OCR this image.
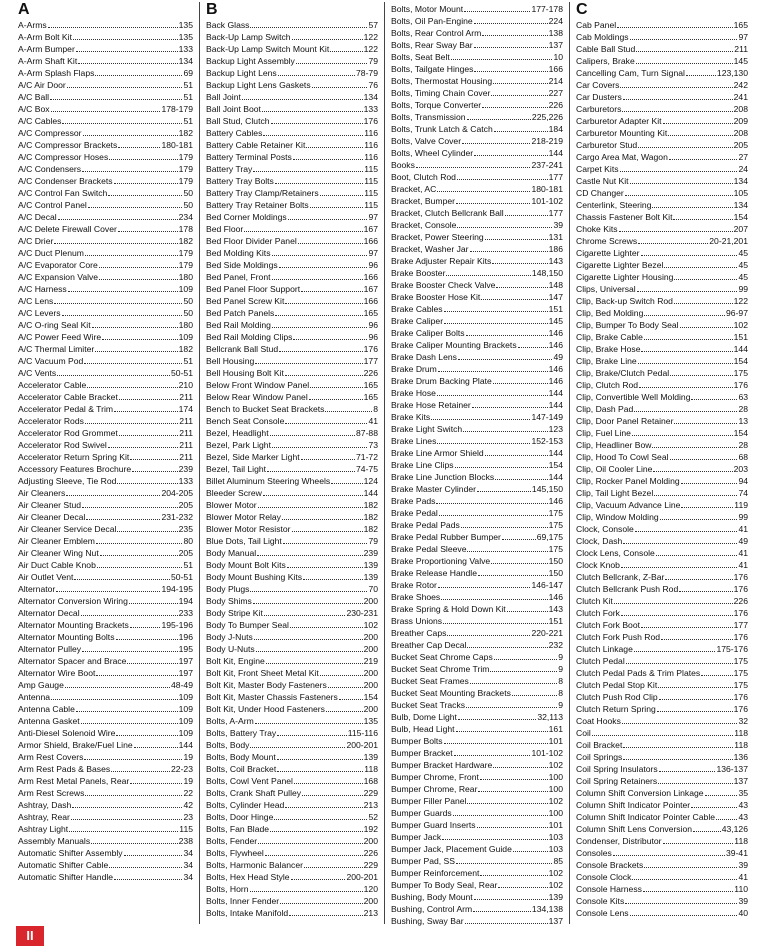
A
A-Arms	135
A-Arm Bolt Kit	135
A-Arm Bumper	133
A-Arm Shaft Kit	134
A-Arm Splash Flaps	69
A/C Air Door	51
A/C Ball	51
A/C Box	178-179
A/C Cables	51
A/C Compressor	182
A/C Compressor Brackets	180-181
A/C Compressor Hoses	179
A/C Condensers	179
A/C Condenser Brackets	179
A/C Control Fan Switch	50
A/C Control Panel	50
A/C Decal	234
A/C Delete Firewall Cover	178
A/C Drier	182
A/C Duct Plenum	179
A/C Evaporator Core	179
A/C Expansion Valve	180
A/C Harness	109
A/C Lens	50
A/C Levers	50
A/C O-ring Seal Kit	180
A/C Power Feed Wire	109
A/C Thermal Limiter	182
A/C Vacuum Pod	51
A/C Vents	50-51
Accelerator Cable	210
Accelerator Cable Bracket	211
Accelerator Pedal & Trim	174
Accelerator Rods	211
Accelerator Rod Grommet	211
Accelerator Rod Swivel	211
Accelerator Return Spring Kit	211
Accessory Features Brochure	239
Adjusting Sleeve, Tie Rod	133
Air Cleaners	204-205
Air Cleaner Stud	205
Air Cleaner Decal	231-232
Air Cleaner Service Decal	235
Air Cleaner Emblem	80
Air Cleaner Wing Nut	205
Air Duct Cable Knob	51
Air Outlet Vent	50-51
Alternator	194-195
Alternator Conversion Wiring	194
Alternator Decal	233
Alternator Mounting Brackets	195-196
Alternator Mounting Bolts	196
Alternator Pulley	195
Alternator Spacer and Brace	197
Alternator Wire Boot	197
Amp Gauge	48-49
Antenna	109
Antenna Cable	109
Antenna Gasket	109
Anti-Diesel Solenoid Wire	109
Armor Shield, Brake/Fuel Line	144
Arm Rest Covers	19
Arm Rest Pads & Bases	22-23
Arm Rest Metal Panels, Rear	19
Arm Rest Screws	22
Ashtray, Dash	42
Ashtray, Rear	23
Ashtray Light	115
Assembly Manuals	238
Automatic Shifter Assembly	34
Automatic Shifter Cable	34
Automatic Shifter Handle	34
B
Back Glass	57
Back-Up Lamp Switch	122
Back-Up Lamp Switch Mount Kit	122
Backup Light Assembly	79
Backup Light Lens	78-79
Backup Light Lens Gaskets	76
Ball Joint	134
Ball Joint Boot	133
Ball Stud, Clutch	176
Battery Cables	116
Battery Cable Retainer Kit	116
Battery Terminal Posts	116
Battery Tray	115
Battery Tray Bolts	115
Battery Tray Clamp/Retainers	115
Battery Tray Retainer Bolts	115
Bed Corner Moldings	97
Bed Floor	167
Bed Floor Divider Panel	166
Bed Molding Kits	97
Bed Side Moldings	96
Bed Panel, Front	166
Bed Panel Floor Support	167
Bed Panel Screw Kit	166
Bed Patch Panels	165
Bed Rail Molding	96
Bed Rail Molding Clips	96
Bellcrank Ball Stud	176
Bell Housing	177
Bell Housing Bolt Kit	226
Below Front Window Panel	165
Below Rear Window Panel	165
Bench to Bucket Seat Brackets	8
Bench Seat Console	41
Bezel, Headlight	87-88
Bezel, Park Light	73
Bezel, Side Marker Light	71-72
Bezel, Tail Light	74-75
Billet Aluminum Steering Wheels	124
Bleeder Screw	144
Blower Motor	182
Blower Motor Relay	182
Blower Motor Resistor	182
Blue Dots, Tail Light	79
Body Manual	239
Body Mount Bolt Kits	139
Body Mount Bushing Kits	139
Body Plugs	70
Body Shims	200
Body Stripe Kit	230-231
Body To Bumper Seal	102
Body J-Nuts	200
Body U-Nuts	200
Bolt Kit, Engine	219
Bolt Kit, Front Sheet Metal Kit	200
Bolt Kit, Master Body Fasteners	200
Bolt Kit, Master Chassis Fasteners	154
Bolt Kit, Under Hood Fasteners	200
Bolts, A-Arm	135
Bolts, Battery Tray	115-116
Bolts, Body	200-201
Bolts, Body Mount	139
Bolts, Coil Bracket	118
Bolts, Cowl Vent Panel	168
Bolts, Crank Shaft Pulley	229
Bolts, Cylinder Head	213
Bolts, Door Hinge	52
Bolts, Fan Blade	192
Bolts, Fender	200
Bolts, Flywheel	226
Bolts, Harmonic Balancer	229
Bolts, Hex Head Style	200-201
Bolts, Horn	120
Bolts, Inner Fender	200
Bolts, Intake Manifold	213
Bolts, Motor Mount	177-178
Bolts, Oil Pan-Engine	224
Bolts, Rear Control Arm	138
Bolts, Rear Sway Bar	137
Bolts, Seat Belt	10
Bolts, Tailgate Hinges	166
Bolts, Thermostat Housing	214
Bolts, Timing Chain Cover	227
Bolts, Torque Converter	226
Bolts, Transmission	225,226
Bolts, Trunk Latch & Catch	184
Bolts, Valve Cover	218-219
Bolts, Wheel Cylinder	144
Books	237-241
Boot, Clutch Rod	177
Bracket, AC	180-181
Bracket, Bumper	101-102
Bracket, Clutch Bellcrank Ball	177
Bracket, Console	39
Bracket, Power Steering	131
Bracket, Washer Jar	186
Brake Adjuster Repair Kits	143
Brake Booster	148,150
Brake Booster Check Valve	148
Brake Booster Hose Kit	147
Brake Cables	151
Brake Caliper	145
Brake Caliper Bolts	146
Brake Caliper Mounting Brackets	146
Brake Dash Lens	49
Brake Drum	146
Brake Drum Backing Plate	146
Brake Hose	144
Brake Hose Retainer	144
Brake Kits	147-149
Brake Light Switch	123
Brake Lines	152-153
Brake Line Armor Shield	144
Brake Line Clips	154
Brake Line Junction Blocks	144
Brake Master Cylinder	145,150
Brake Pads	146
Brake Pedal	175
Brake Pedal Pads	175
Brake Pedal Rubber Bumper	69,175
Brake Pedal Sleeve	175
Brake Proportioning Valve	150
Brake Release Handle	150
Brake Rotor	146-147
Brake Shoes	146
Brake Spring & Hold Down Kit	143
Brass Unions	151
Breather Caps	220-221
Breather Cap Decal	232
Bucket Seat Chrome Caps	9
Bucket Seat Chrome Trim	9
Bucket Seat Frames	8
Bucket Seat Mounting Brackets	8
Bucket Seat Tracks	9
Bulb, Dome Light	32,113
Bulb, Head Light	161
Bumper Bolts	101
Bumper Bracket	101-102
Bumper Bracket Hardware	102
Bumper Chrome, Front	100
Bumper Chrome, Rear	100
Bumper Filler Panel	102
Bumper Guards	100
Bumper Guard Inserts	101
Bumper Jack	103
Bumper Jack, Placement Guide	103
Bumper Pad, SS	85
Bumper Reinforcement	102
Bumper To Body Seal, Rear	102
Bushing, Body Mount	139
Bushing, Control Arm	134,138
Bushing, Sway Bar	137
C
Cab Panel	165
Cab Moldings	97
Cable Ball Stud	211
Calipers, Brake	145
Cancelling Cam, Turn Signal	123,130
Car Covers	242
Car Dusters	241
Carburetors	208
Carburetor Adapter Kit	209
Carburetor Mounting Kit	208
Carburetor Stud	205
Cargo Area Mat, Wagon	27
Carpet Kits	24
Castle Nut Kit	134
CD Changer	105
Centerlink, Steering	134
Chassis Fastener Bolt Kit	154
Choke Kits	207
Chrome Screws	20-21,201
Cigarette Lighter	45
Cigarette Lighter Bezel	45
Cigarette Lighter Housing	45
Clips, Universal	99
Clip, Back-up Switch Rod	122
Clip, Bed Molding	96-97
Clip, Bumper To Body Seal	102
Clip, Brake Cable	151
Clip, Brake Hose	144
Clip, Brake Line	154
Clip, Brake/Clutch Pedal	175
Clip, Clutch Rod	176
Clip, Convertible Well Molding	63
Clip, Dash Pad	28
Clip, Door Panel Retainer	13
Clip, Fuel Line	154
Clip, Headliner Bow	28
Clip, Hood To Cowl Seal	68
Clip, Oil Cooler Line	203
Clip, Rocker Panel Molding	94
Clip, Tail Light Bezel	74
Clip, Vacuum Advance Line	119
Clip, Window Molding	99
Clock, Console	41
Clock, Dash	49
Clock Lens, Console	41
Clock Knob	41
Clutch Bellcrank, Z-Bar	176
Clutch Bellcrank Push Rod	176
Clutch Kit	226
Clutch Fork	176
Clutch Fork Boot	177
Clutch Fork Push Rod	176
Clutch Linkage	175-176
Clutch Pedal	175
Clutch Pedal Pads & Trim Plates	175
Clutch Pedal Stop Kit	175
Clutch Push Rod Clip	176
Clutch Return Spring	176
Coat Hooks	32
Coil	118
Coil Bracket	118
Coil Springs	136
Coil Spring Insulators	136-137
Coil Spring Retainers	137
Column Shift Conversion Linkage	35
Column Shift Indicator Pointer	43
Column Shift Indicator Pointer Cable	43
Column Shift Lens Conversion	43,126
Condenser, Distributor	118
Consoles	39-41
Console Brackets	39
Console Clock	41
Console Harness	110
Console Kits	39
Console Lens	40
II
